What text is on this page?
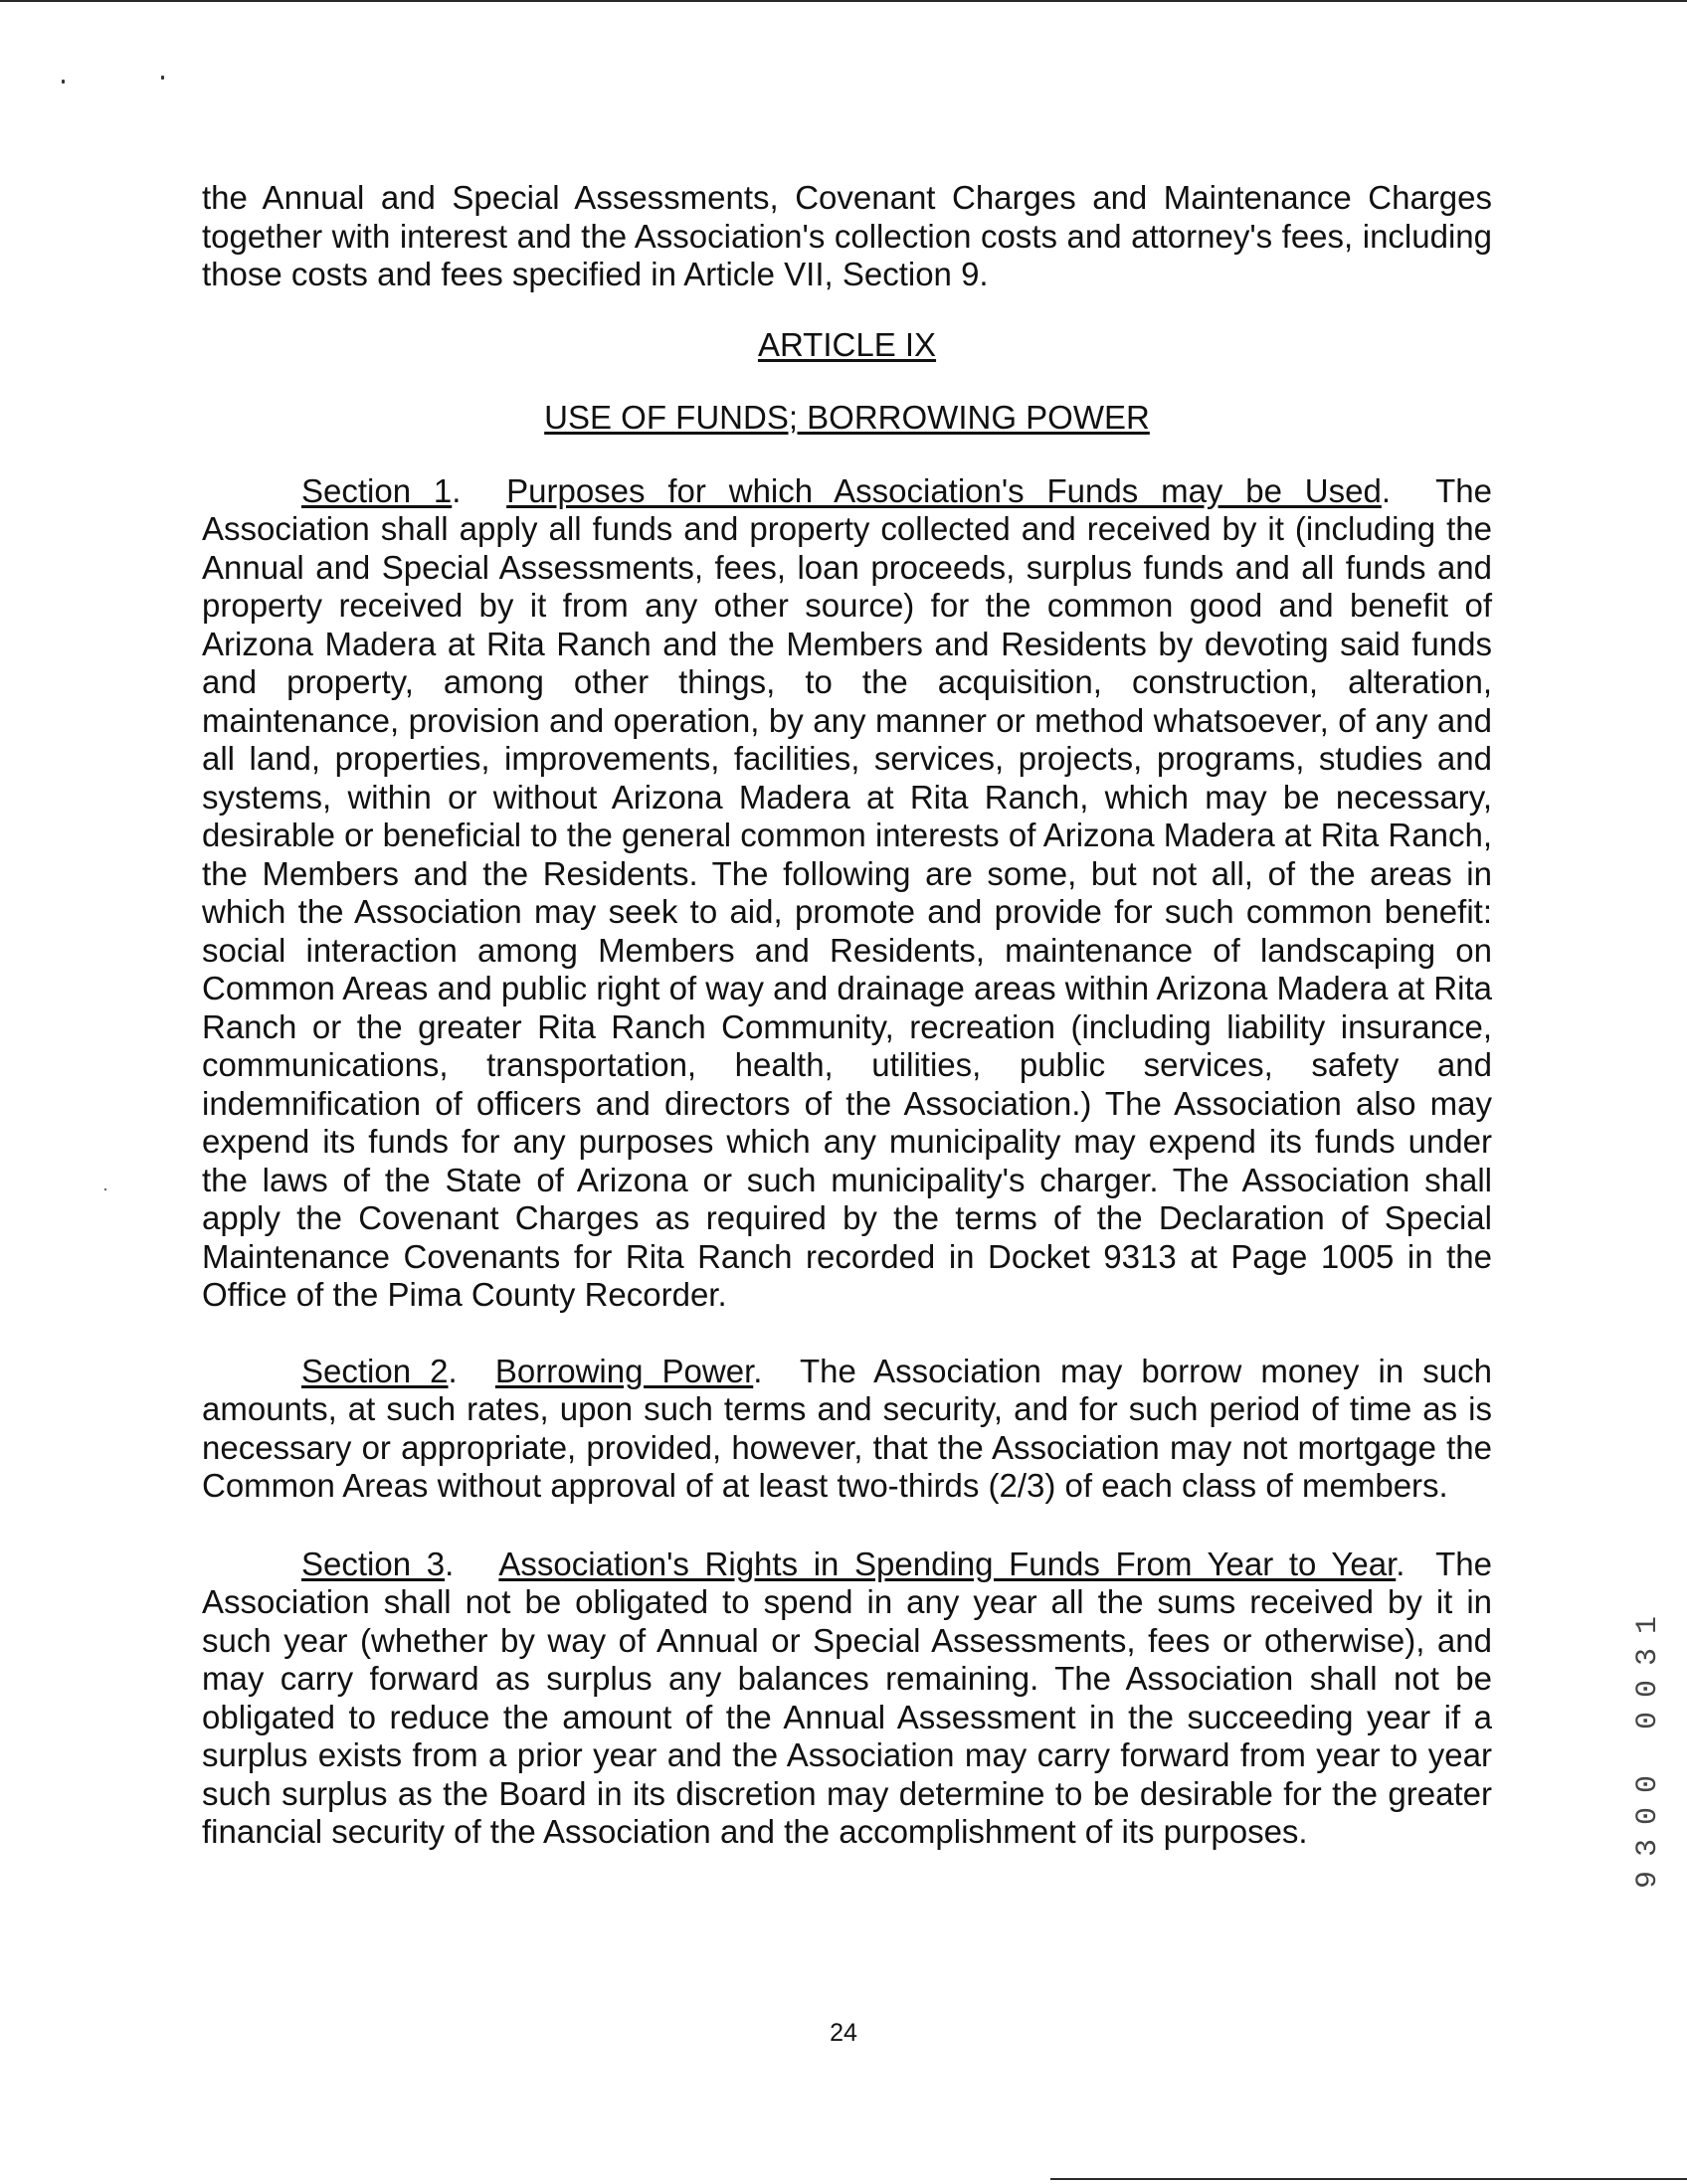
the Annual and Special Assessments, Covenant Charges and Maintenance Charges together with interest and the Association's collection costs and attorney's fees, including those costs and fees specified in Article VII, Section 9.

ARTICLE IX

USE OF FUNDS; BORROWING POWER

Section 1.  Purposes for which Association's Funds may be Used.  The Association shall apply all funds and property collected and received by it (including the Annual and Special Assessments, fees, loan proceeds, surplus funds and all funds and property received by it from any other source) for the common good and benefit of Arizona Madera at Rita Ranch and the Members and Residents by devoting said funds and property, among other things, to the acquisition, construction, alteration, maintenance, provision and operation, by any manner or method whatsoever, of any and all land, properties, improvements, facilities, services, projects, programs, studies and systems, within or without Arizona Madera at Rita Ranch, which may be necessary, desirable or beneficial to the general common interests of Arizona Madera at Rita Ranch, the Members and the Residents. The following are some, but not all, of the areas in which the Association may seek to aid, promote and provide for such common benefit: social interaction among Members and Residents, maintenance of landscaping on Common Areas and public right of way and drainage areas within Arizona Madera at Rita Ranch or the greater Rita Ranch Community, recreation (including liability insurance, communications, transportation, health, utilities, public services, safety and indemnification of officers and directors of the Association.) The Association also may expend its funds for any purposes which any municipality may expend its funds under the laws of the State of Arizona or such municipality's charger. The Association shall apply the Covenant Charges as required by the terms of the Declaration of Special Maintenance Covenants for Rita Ranch recorded in Docket 9313 at Page 1005 in the Office of the Pima County Recorder.

Section 2.  Borrowing Power.  The Association may borrow money in such amounts, at such rates, upon such terms and security, and for such period of time as is necessary or appropriate, provided, however, that the Association may not mortgage the Common Areas without approval of at least two-thirds (2/3) of each class of members.

Section 3.   Association's Rights in Spending Funds From Year to Year.  The Association shall not be obligated to spend in any year all the sums received by it in such year (whether by way of Annual or Special Assessments, fees or otherwise), and may carry forward as surplus any balances remaining. The Association shall not be obligated to reduce the amount of the Annual Assessment in the succeeding year if a surplus exists from a prior year and the Association may carry forward from year to year such surplus as the Board in its discretion may determine to be desirable for the greater financial security of the Association and the accomplishment of its purposes.	9300 0031
24
